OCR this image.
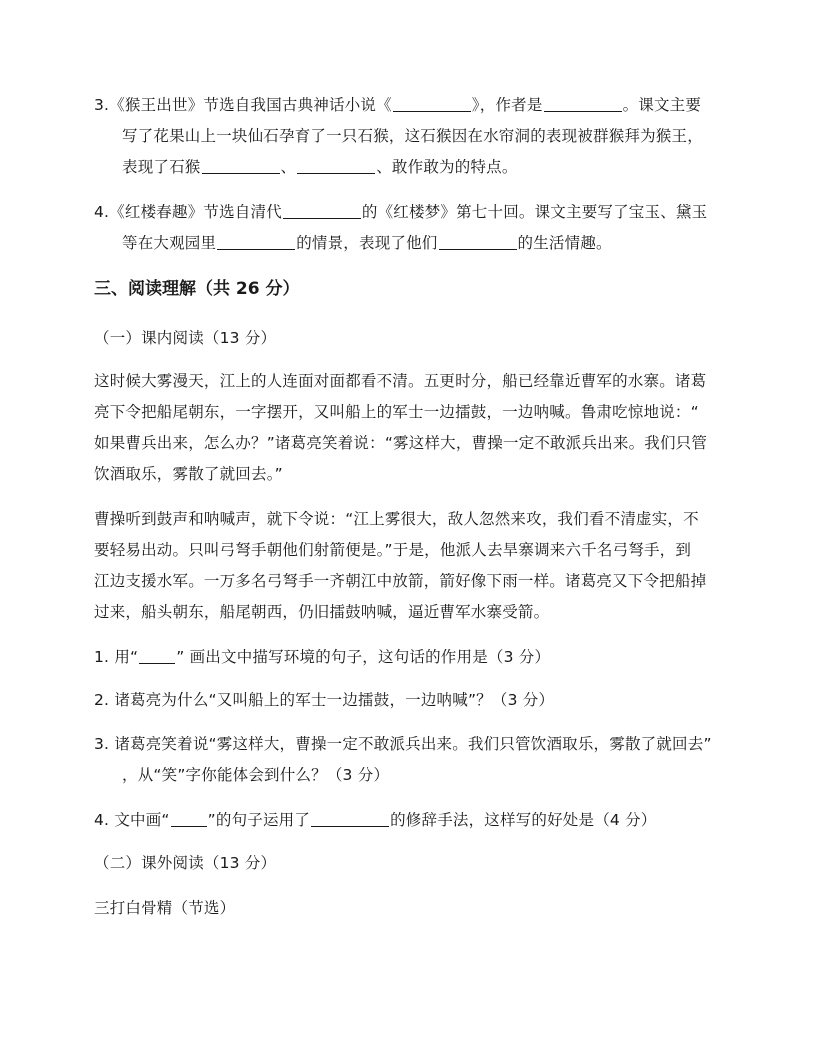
3.《猴王出世》节选自我国古典神话小说《	》，作者是	。课文主要
写了花果山上一块仙石孕育了一只石猴，这石猴因在水帘洞的表现被群猴拜为猴王，
表现了石猴	、	、敢作敢为的特点。
4.《红楼春趣》节选自清代	的《红楼梦》第七十回。课文主要写了宝玉、黛玉
等在大观园里	的情景，表现了他们	的生活情趣。
三、阅读理解（共 26 分）
（一）课内阅读（13 分）
这时候大雾漫天，江上的人连面对面都看不清。五更时分，船已经靠近曹军的水寨。诸葛
亮下令把船尾朝东，一字摆开，又叫船上的军士一边擂鼓，一边呐喊。鲁肃吃惊地说：“
如果曹兵出来，怎么办？”诸葛亮笑着说：“雾这样大，曹操一定不敢派兵出来。我们只管
饮酒取乐，雾散了就回去。”
曹操听到鼓声和呐喊声，就下令说：“江上雾很大，敌人忽然来攻，我们看不清虚实，不
要轻易出动。只叫弓弩手朝他们射箭便是。”于是，他派人去旱寨调来六千名弓弩手，到
江边支援水军。一万多名弓弩手一齐朝江中放箭，箭好像下雨一样。诸葛亮又下令把船掉
过来，船头朝东，船尾朝西，仍旧擂鼓呐喊，逼近曹军水寨受箭。
1. 用“ ” 画出文中描写环境的句子，这句话的作用是（3 分）
2. 诸葛亮为什么“又叫船上的军士一边擂鼓，一边呐喊”？（3 分）
3. 诸葛亮笑着说“雾这样大，曹操一定不敢派兵出来。我们只管饮酒取乐，雾散了就回去”
，从“笑”字你能体会到什么？（3 分）
4. 文中画“ ”的句子运用了	的修辞手法，这样写的好处是（4 分）
（二）课外阅读（13 分）
三打白骨精（节选）
